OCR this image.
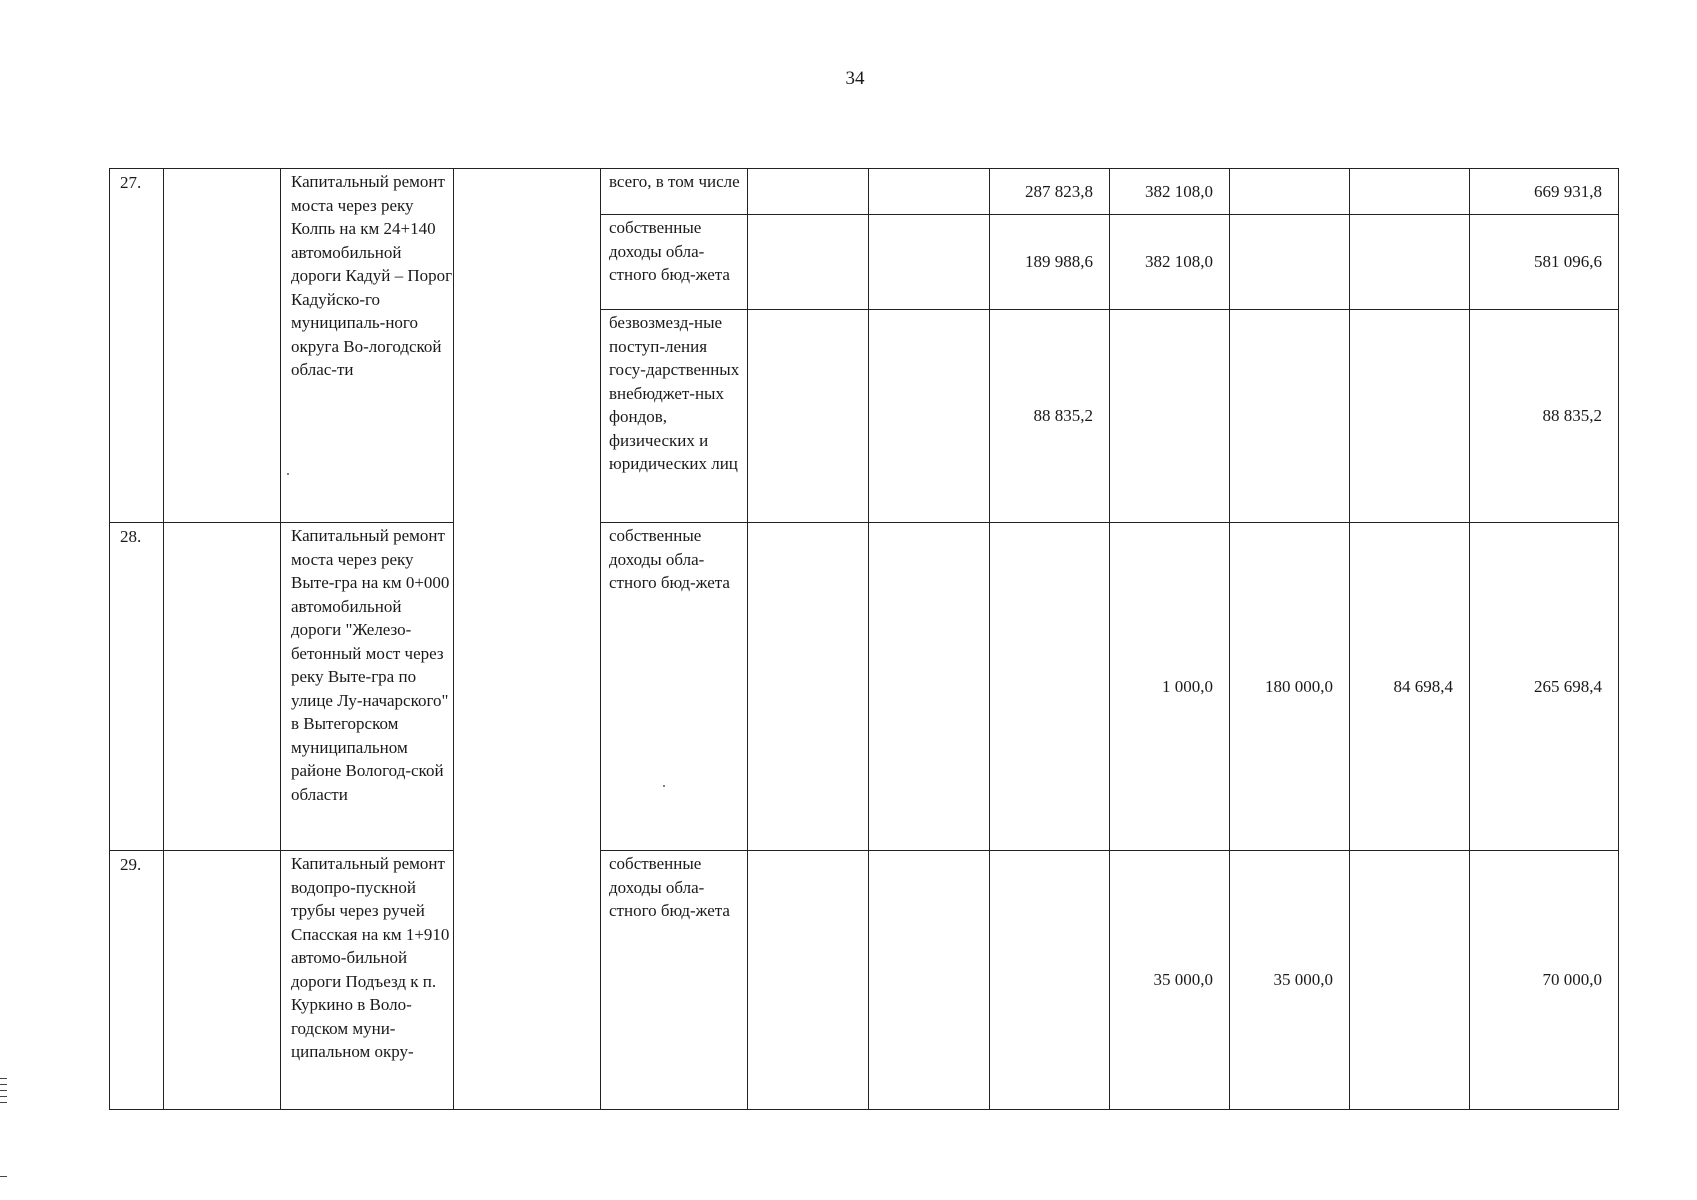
34
27.		Капитальный ремонт моста через реку Колпь на км 24+140 автомобильной дороги Кадуй – Порог Кадуйско-го муниципаль-ного округа Во-логодской облас-ти		всего, в том числе			287 823,8	382 108,0			669 931,8
				собственные доходы обла-стного бюд-жета			189 988,6	382 108,0			581 096,6
				безвозмезд-ные поступ-ления госу-дарственных внебюджет-ных фондов, физических и юридических лиц			88 835,2				88 835,2
28.		Капитальный ремонт моста через реку Выте-гра на км 0+000 автомобильной дороги "Железо-бетонный мост через реку Выте-гра по улице Лу-начарского" в Вытегорском муниципальном районе Вологод-ской области		собственные доходы обла-стного бюд-жета				1 000,0	180 000,0	84 698,4	265 698,4
29.		Капитальный ремонт водопро-пускной трубы через ручей Спасская на км 1+910 автомо-бильной дороги Подъезд к п. Куркино в Воло-годском муни-ципальном окру-		собственные доходы обла-стного бюд-жета				35 000,0	35 000,0		70 000,0
